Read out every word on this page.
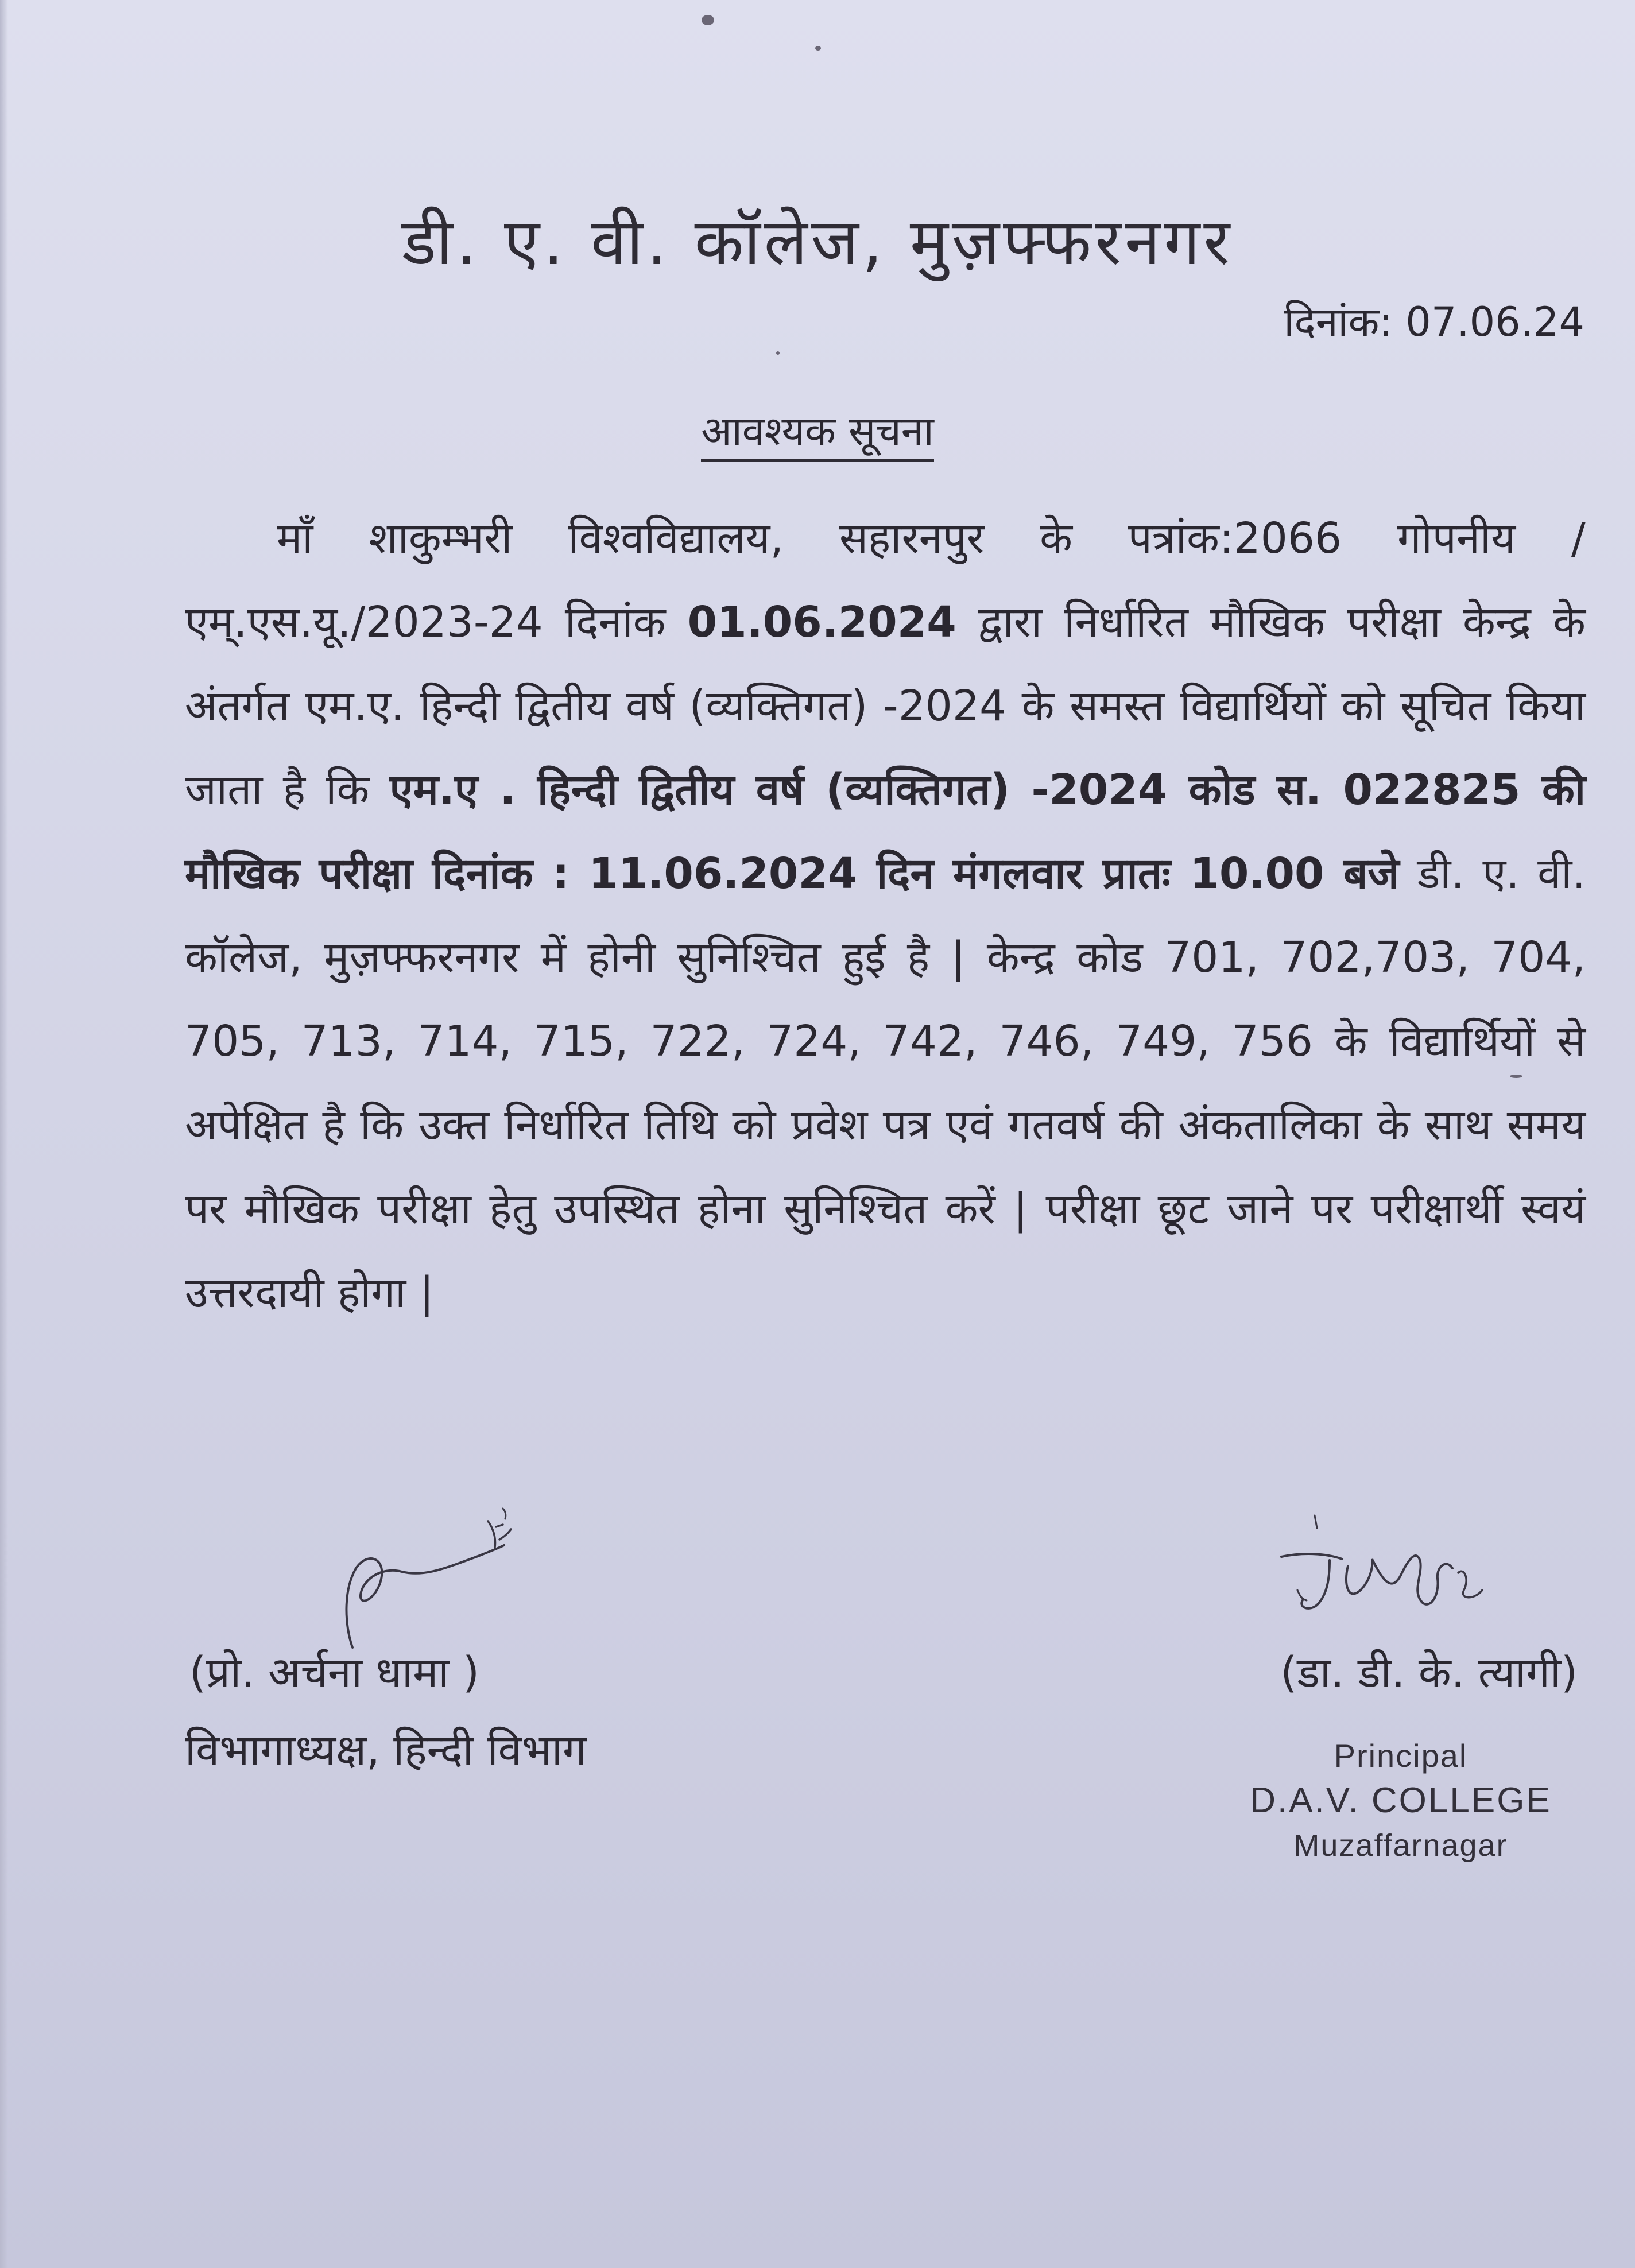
डी. ए. वी. कॉलेज, मुज़फ्फरनगर
दिनांक: 07.06.24
आवश्यक सूचना

माँ शाकुम्भरी विश्वविद्यालय, सहारनपुर के पत्रांक:2066 गोपनीय /एम्.एस.यू./2023-24 दिनांक 01.06.2024 द्वारा निर्धारित मौखिक परीक्षा केन्द्र के अंतर्गत एम.ए. हिन्दी द्वितीय वर्ष (व्यक्तिगत) -2024 के समस्त विद्यार्थियों को सूचित किया जाता है कि एम.ए . हिन्दी द्वितीय वर्ष (व्यक्तिगत) -2024 कोड स. 022825 की मौखिक परीक्षा दिनांक : 11.06.2024 दिन मंगलवार प्रातः 10.00 बजे डी. ए. वी. कॉलेज, मुज़फ्फरनगर में होनी सुनिश्चित हुई है | केन्द्र कोड 701, 702,703, 704, 705, 713, 714, 715, 722, 724, 742, 746, 749, 756 के विद्यार्थियों से अपेक्षित है कि उक्त निर्धारित तिथि को प्रवेश पत्र एवं गतवर्ष की अंकतालिका के साथ समय पर मौखिक परीक्षा हेतु उपस्थित होना सुनिश्चित करें | परीक्षा छूट जाने पर परीक्षार्थी स्वयं उत्तरदायी होगा |

(प्रो. अर्चना धामा )
विभागाध्यक्ष, हिन्दी विभाग
(डा. डी. के. त्यागी)
Principal
D.A.V. COLLEGE
Muzaffarnagar
